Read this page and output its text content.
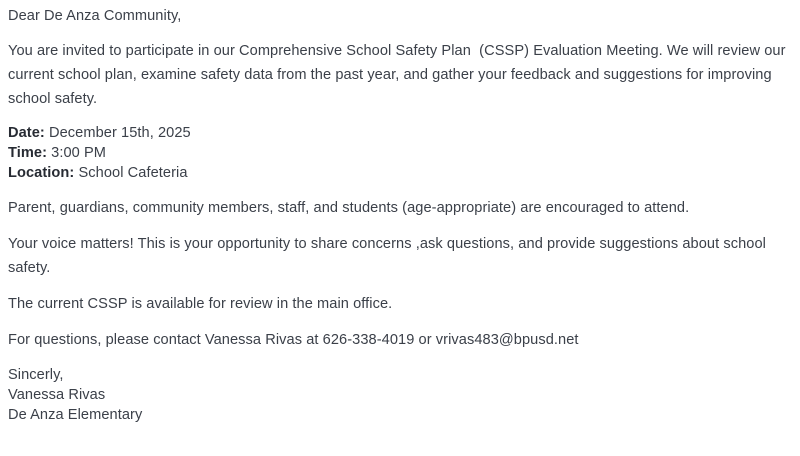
Dear De Anza Community,

You are invited to participate in our Comprehensive School Safety Plan  (CSSP) Evaluation Meeting. We will review our current school plan, examine safety data from the past year, and gather your feedback and suggestions for improving school safety.

Date: December 15th, 2025

Time: 3:00 PM

Location: School Cafeteria

Parent, guardians, community members, staff, and students (age-appropriate) are encouraged to attend.

Your voice matters! This is your opportunity to share concerns ,ask questions, and provide suggestions about school safety.

The current CSSP is available for review in the main office.

For questions, please contact Vanessa Rivas at 626-338-4019 or vrivas483@bpusd.net

Sincerly,

Vanessa Rivas

De Anza Elementary
